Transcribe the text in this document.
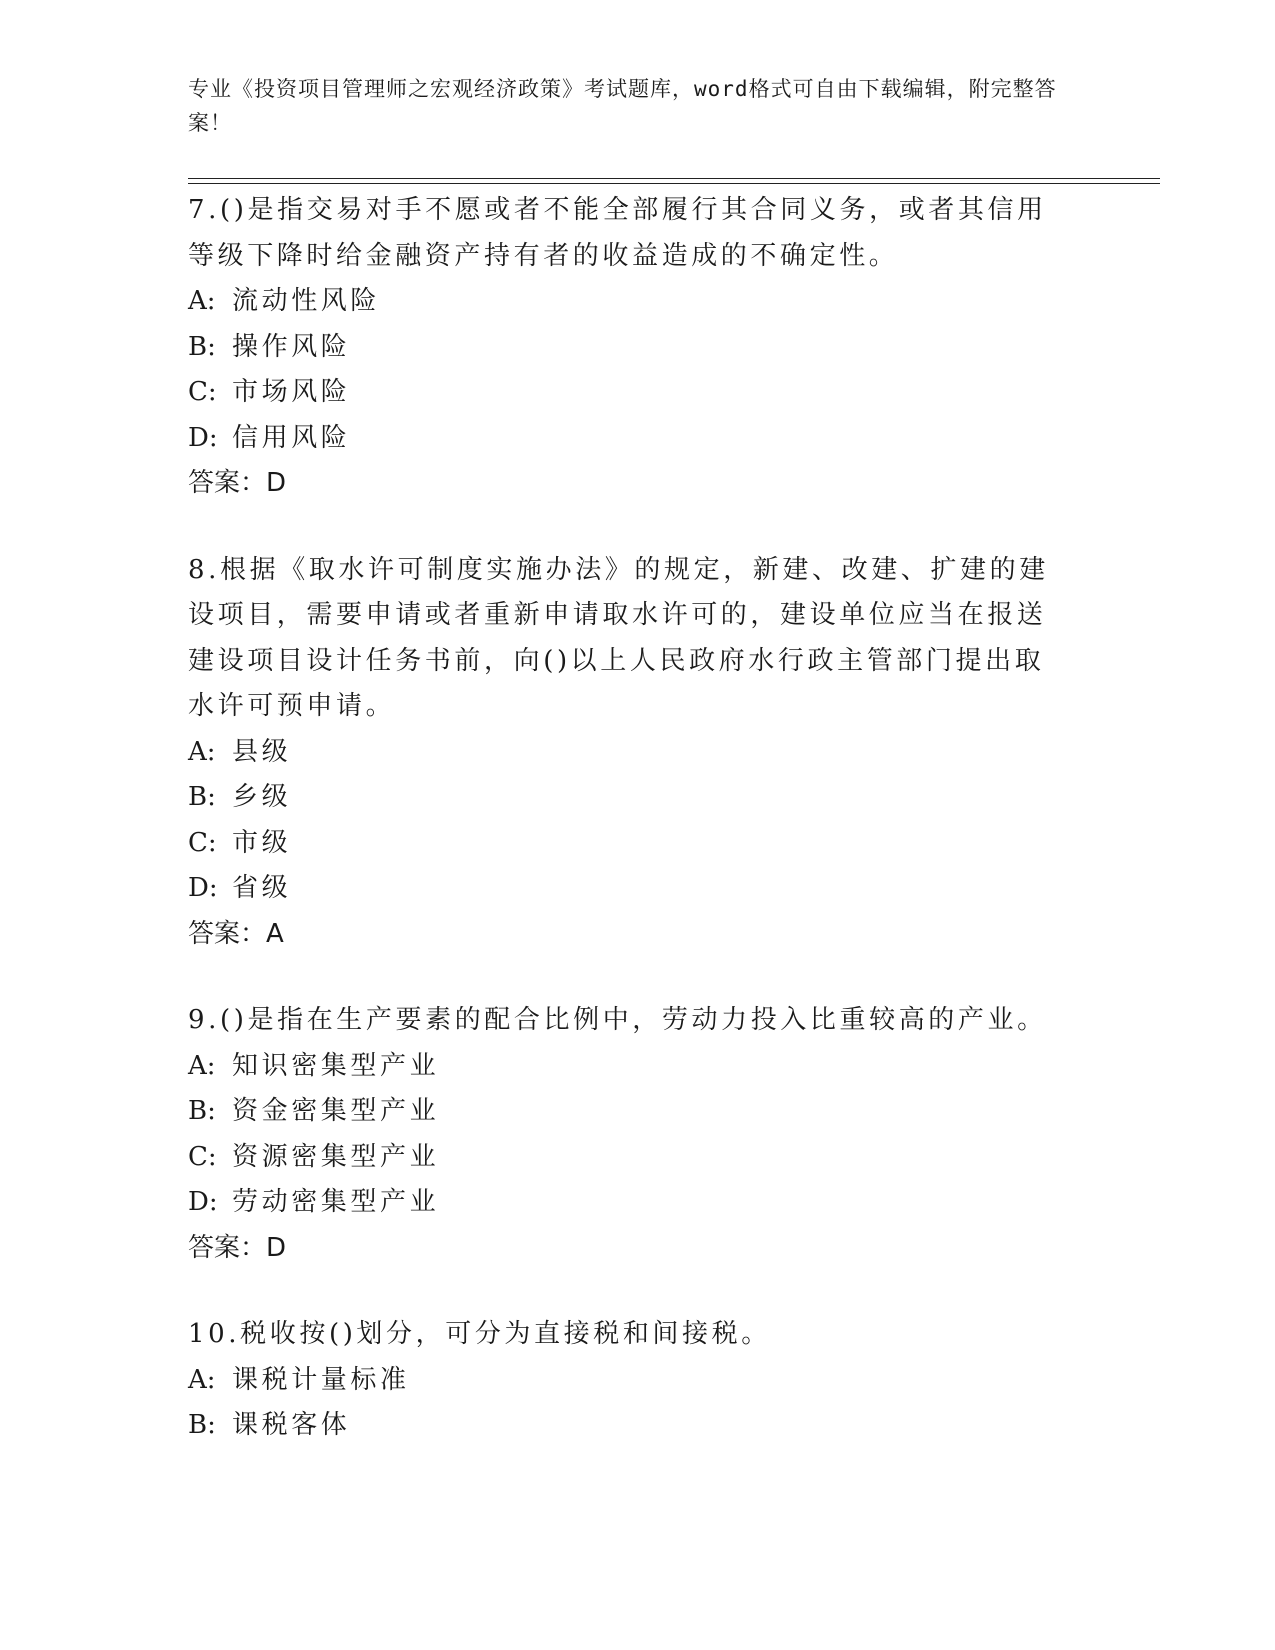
专业《投资项目管理师之宏观经济政策》考试题库，word格式可自由下载编辑，附完整答案！
7.()是指交易对手不愿或者不能全部履行其合同义务，或者其信用等级下降时给金融资产持有者的收益造成的不确定性。
A: 流动性风险
B: 操作风险
C: 市场风险
D: 信用风险
答案：D
8.根据《取水许可制度实施办法》的规定，新建、改建、扩建的建设项目，需要申请或者重新申请取水许可的，建设单位应当在报送建设项目设计任务书前，向()以上人民政府水行政主管部门提出取水许可预申请。
A: 县级
B: 乡级
C: 市级
D: 省级
答案：A
9.()是指在生产要素的配合比例中，劳动力投入比重较高的产业。
A: 知识密集型产业
B: 资金密集型产业
C: 资源密集型产业
D: 劳动密集型产业
答案：D
10.税收按()划分，可分为直接税和间接税。
A: 课税计量标准
B: 课税客体
